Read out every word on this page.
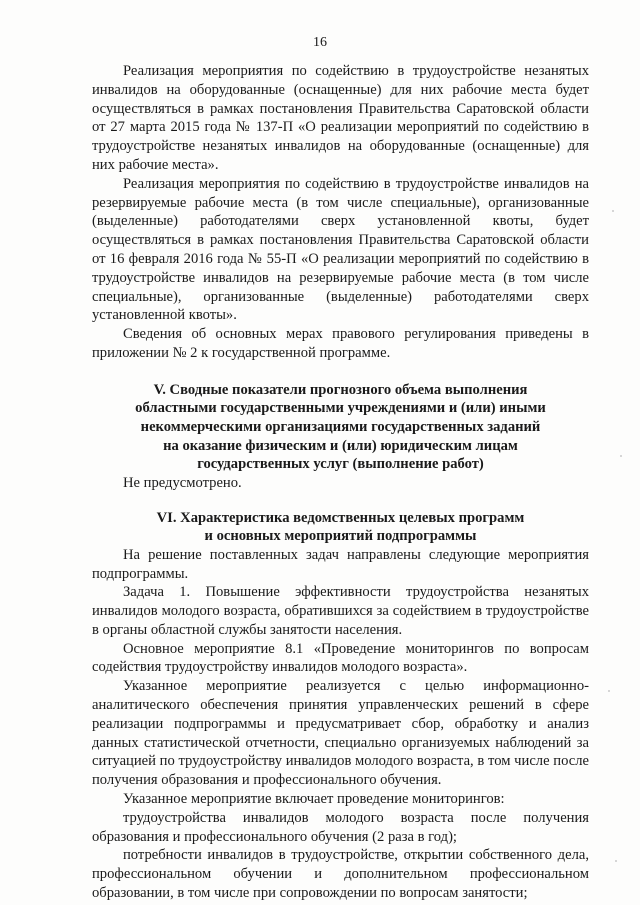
16

Реализация мероприятия по содействию в трудоустройстве незанятых инвалидов на оборудованные (оснащенные) для них рабочие места будет осуществляться в рамках постановления Правительства Саратовской области от 27 марта 2015 года № 137-П «О реализации мероприятий по содействию в трудоустройстве незанятых инвалидов на оборудованные (оснащенные) для них рабочие места».

Реализация мероприятия по содействию в трудоустройстве инвалидов на резервируемые рабочие места (в том числе специальные), организованные (выделенные) работодателями сверх установленной квоты, будет осуществляться в рамках постановления Правительства Саратовской области от 16 февраля 2016 года № 55-П «О реализации мероприятий по содействию в трудоустройстве инвалидов на резервируемые рабочие места (в том числе специальные), организованные (выделенные) работодателями сверх установленной квоты».

Сведения об основных мерах правового регулирования приведены в приложении № 2 к государственной программе.

V. Сводные показатели прогнозного объема выполнения
областными государственными учреждениями и (или) иными
некоммерческими организациями государственных заданий
на оказание физическим и (или) юридическим лицам
государственных услуг (выполнение работ)

Не предусмотрено.

VI. Характеристика ведомственных целевых программ
и основных мероприятий подпрограммы

На решение поставленных задач направлены следующие мероприятия подпрограммы.

Задача 1. Повышение эффективности трудоустройства незанятых инвалидов молодого возраста, обратившихся за содействием в трудоустройстве в органы областной службы занятости населения.

Основное мероприятие 8.1 «Проведение мониторингов по вопросам содействия трудоустройству инвалидов молодого возраста».

Указанное мероприятие реализуется с целью информационно-аналитического обеспечения принятия управленческих решений в сфере реализации подпрограммы и предусматривает сбор, обработку и анализ данных статистической отчетности, специально организуемых наблюдений за ситуацией по трудоустройству инвалидов молодого возраста, в том числе после получения образования и профессионального обучения.

Указанное мероприятие включает проведение мониторингов:

трудоустройства инвалидов молодого возраста после получения образования и профессионального обучения (2 раза в год);

потребности инвалидов в трудоустройстве, открытии собственного дела, профессиональном обучении и дополнительном профессиональном образовании, в том числе при сопровождении по вопросам занятости;
